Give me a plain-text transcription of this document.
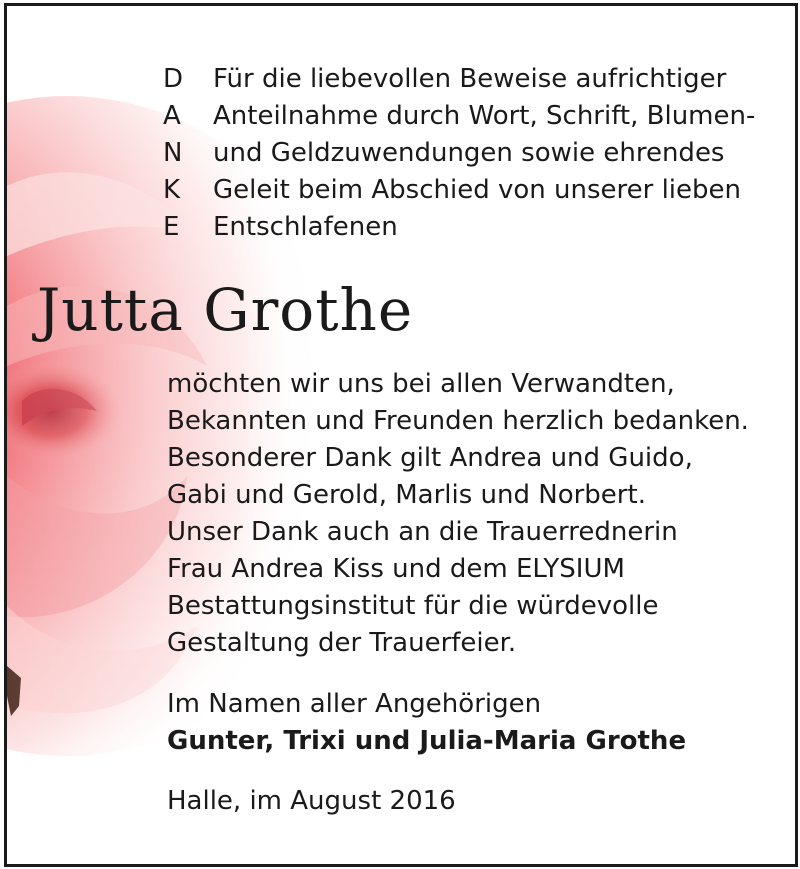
D	Für die liebevollen Beweise aufrichtiger
A	Anteilnahme durch Wort, Schrift, Blumen-
N	und Geldzuwendungen sowie ehrendes
K	Geleit beim Abschied von unserer lieben
E	Entschlafenen
Jutta Grothe
möchten wir uns bei allen Verwandten,
Bekannten und Freunden herzlich bedanken.
Besonderer Dank gilt Andrea und Guido,
Gabi und Gerold, Marlis und Norbert.
Unser Dank auch an die Trauerrednerin
Frau Andrea Kiss und dem ELYSIUM
Bestattungsinstitut für die würdevolle
Gestaltung der Trauerfeier.
Im Namen aller Angehörigen
Gunter, Trixi und Julia-Maria Grothe
Halle, im August 2016
